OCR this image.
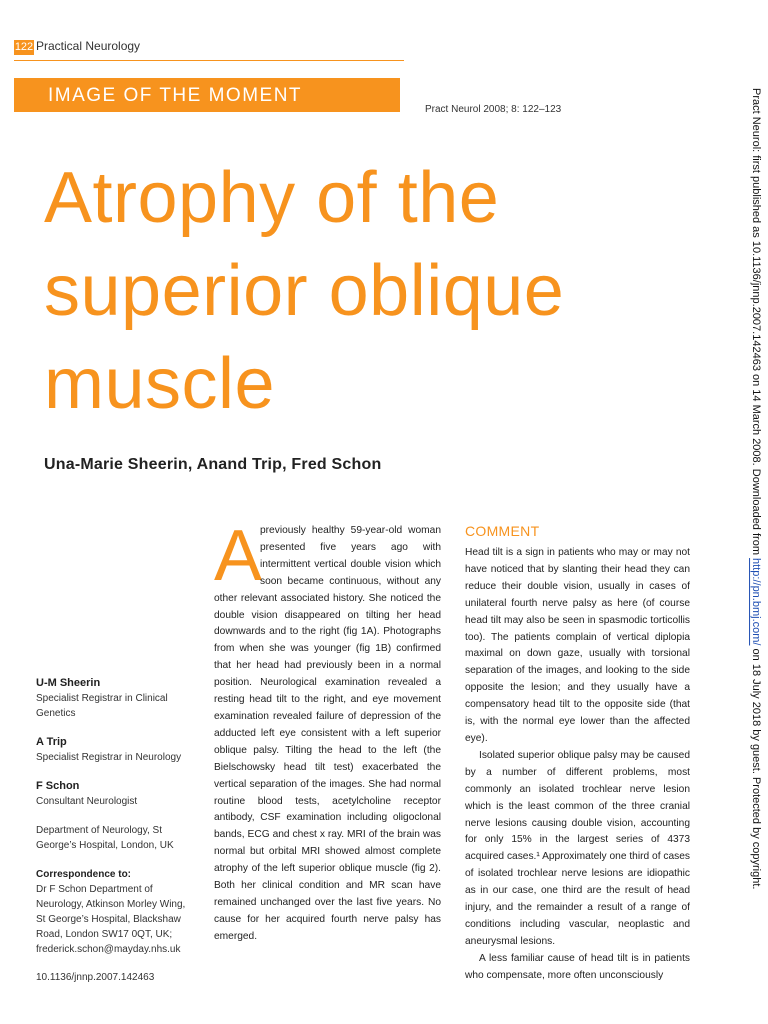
122 Practical Neurology
IMAGE OF THE MOMENT
Pract Neurol 2008; 8: 122–123
Atrophy of the
superior oblique
muscle
Una-Marie Sheerin, Anand Trip, Fred Schon
U-M Sheerin
Specialist Registrar in Clinical Genetics
A Trip
Specialist Registrar in Neurology
F Schon
Consultant Neurologist
Department of Neurology, St George’s Hospital, London, UK
Correspondence to:
Dr F Schon Department of Neurology, Atkinson Morley Wing, St George’s Hospital, Blackshaw Road, London SW17 0QT, UK; frederick.schon@mayday.nhs.uk
10.1136/jnnp.2007.142463
A

previously healthy 59-year-old woman presented five years ago with intermittent vertical double vision which soon became continuous, without any other relevant associated history. She noticed the double vision disappeared on tilting her head downwards and to the right (fig 1A). Photographs from when she was younger (fig 1B) confirmed that her head had previously been in a normal position. Neurological examination revealed a resting head tilt to the right, and eye movement examination revealed failure of depression of the adducted left eye consistent with a left superior oblique palsy. Tilting the head to the left (the Bielschowsky head tilt test) exacerbated the vertical separation of the images. She had normal routine blood tests, acetylcholine receptor antibody, CSF examination including oligoclonal bands, ECG and chest x ray. MRI of the brain was normal but orbital MRI showed almost complete atrophy of the left superior oblique muscle (fig 2). Both her clinical condition and MR scan have remained unchanged over the last five years. No cause for her acquired fourth nerve palsy has emerged.

COMMENT

Head tilt is a sign in patients who may or may not have noticed that by slanting their head they can reduce their double vision, usually in cases of unilateral fourth nerve palsy as here (of course head tilt may also be seen in spasmodic torticollis too). The patients complain of vertical diplopia maximal on down gaze, usually with torsional separation of the images, and looking to the side opposite the lesion; and they usually have a compensatory head tilt to the opposite side (that is, with the normal eye lower than the affected eye).

Isolated superior oblique palsy may be caused by a number of different problems, most commonly an isolated trochlear nerve lesion which is the least common of the three cranial nerve lesions causing double vision, accounting for only 15% in the largest series of 4373 acquired cases.¹ Approximately one third of cases of isolated trochlear nerve lesions are idiopathic as in our case, one third are the result of head injury, and the remainder a result of a range of conditions including vascular, neoplastic and aneurysmal lesions.

A less familiar cause of head tilt is in patients who compensate, more often unconsciously

Pract Neurol: first published as 10.1136/jnnp.2007.142463 on 14 March 2008. Downloaded from http://pn.bmj.com/ on 18 July 2018 by guest. Protected by copyright.
